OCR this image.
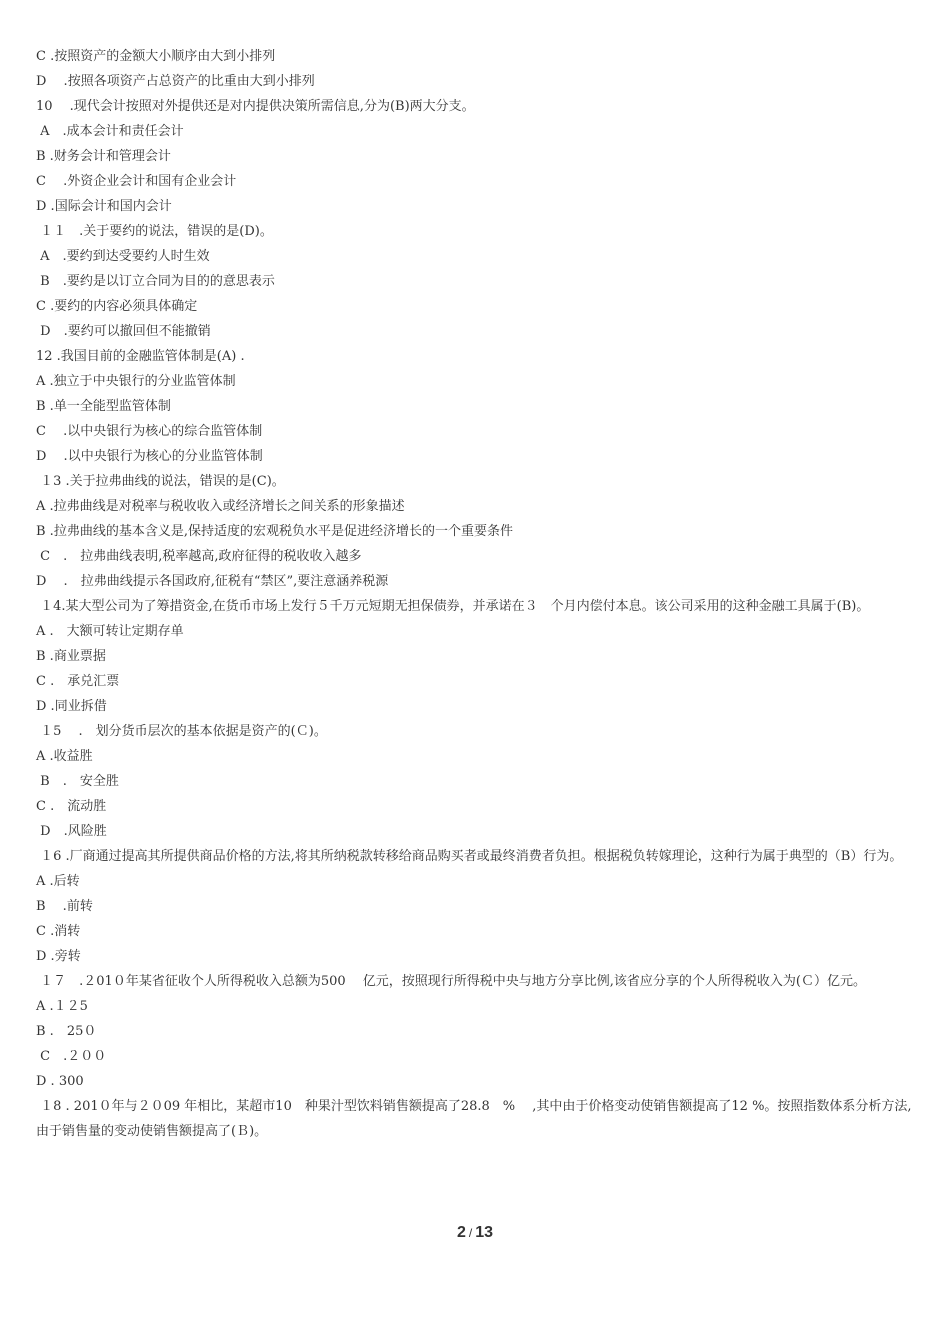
C .按照资产的金额大小顺序由大到小排列

D　 .按照各项资产占总资产的比重由大到小排列

10　 .现代会计按照对外提供还是对内提供决策所需信息,分为(B)两大分支。

A　.成本会计和责任会计

B .财务会计和管理会计

C　 .外资企业会计和国有企业会计

D .国际会计和国内会计

１１　.关于要约的说法，错误的是(D)。

A　.要约到达受要约人时生效

B　.要约是以订立合同为目的的意思表示

C .要约的内容必须具体确定

D　.要约可以撤回但不能撤销

12 .我国目前的金融监管体制是(A) .

A .独立于中央银行的分业监管体制

B .单一全能型监管体制

C　 .以中央银行为核心的综合监管体制

D　 .以中央银行为核心的分业监管体制

１3 .关于拉弗曲线的说法，错误的是(C)。

A .拉弗曲线是对税率与税收收入或经济增长之间关系的形象描述

B .拉弗曲线的基本含义是,保持适度的宏观税负水平是促进经济增长的一个重要条件

C　.　拉弗曲线表明,税率越高,政府征得的税收收入越多

D　 .　拉弗曲线提示各国政府,征税有“禁区”,要注意涵养税源

１4.某大型公司为了筹措资金,在货币市场上发行５千万元短期无担保债券，并承诺在３　个月内偿付本息。该公司采用的这种金融工具属于(B)。

A .　大额可转让定期存单

B .商业票据

C .　承兑汇票

D .同业拆借

１5　 .　划分货币层次的基本依据是资产的(Ｃ)。

A .收益胜

B　.　安全胜

C .　流动胜

D　.风险胜

１6 .厂商通过提高其所提供商品价格的方法,将其所纳税款转移给商品购买者或最终消费者负担。根据税负转嫁理论，这种行为属于典型的（B）行为。

A .后转

B　 .前转

C .消转

D .旁转

１７　.２01０年某省征收个人所得税收入总额为500　 亿元，按照现行所得税中央与地方分享比例,该省应分享的个人所得税收入为(Ｃ）亿元。

A .１２5

B .　25０

C　.２００

D . 300

１8 . 201０年与２０09 年相比，某超市10　种果汁型饮料销售额提高了28.8　% 　,其中由于价格变动使销售额提高了12 %。按照指数体系分析方法,由于销售量的变动使销售额提高了(Ｂ)。

2 / 13
